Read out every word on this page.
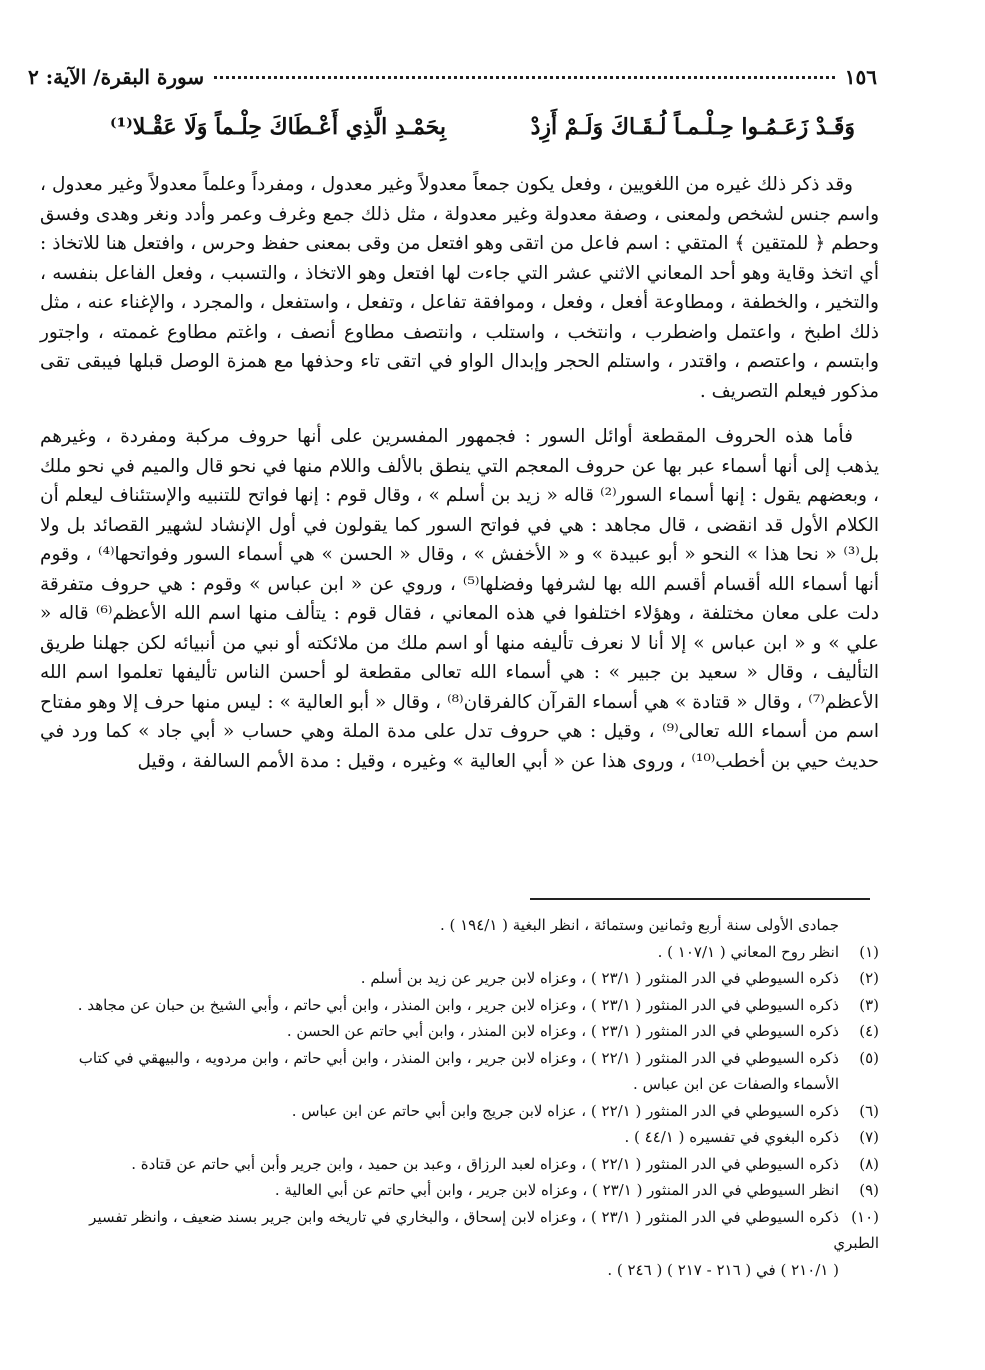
١٥٦
سورة البقرة/ الآية: ٢
وَقَـدْ زَعَـمُـوا حِـلْـمـاً لُـقَـاكَ وَلَـمْ أَزِدْ
بِحَمْـدِ الَّذِي أَعْـطَاكَ حِلْـماً وَلَا عَقْـلا⁽¹⁾

وقد ذكر ذلك غيره من اللغويين ، وفعل يكون جمعاً معدولاً وغير معدول ، ومفرداً وعلماً معدولاً وغير معدول ، واسم جنس لشخص ولمعنى ، وصفة معدولة وغير معدولة ، مثل ذلك جمع وغرف وعمر وأدد ونغر وهدى وفسق وحطم ﴿ للمتقين ﴾ المتقي : اسم فاعل من اتقى وهو افتعل من وقى بمعنى حفظ وحرس ، وافتعل هنا للاتخاذ : أي اتخذ وقاية وهو أحد المعاني الاثني عشر التي جاءت لها افتعل وهو الاتخاذ ، والتسبب ، وفعل الفاعل بنفسه ، والتخير ، والخطفة ، ومطاوعة أفعل ، وفعل ، وموافقة تفاعل ، وتفعل ، واستفعل ، والمجرد ، والإغناء عنه ، مثل ذلك اطبخ ، واعتمل واضطرب ، وانتخب ، واستلب ، وانتصف مطاوع أنصف ، واغتم مطاوع غممته ، واجتور وابتسم ، واعتصم ، واقتدر ، واستلم الحجر وإبدال الواو في اتقى تاء وحذفها مع همزة الوصل قبلها فيبقى تقى مذكور فيعلم التصريف .

فأما هذه الحروف المقطعة أوائل السور : فجمهور المفسرين على أنها حروف مركبة ومفردة ، وغيرهم يذهب إلى أنها أسماء عبر بها عن حروف المعجم التي ينطق بالألف واللام منها في نحو قال والميم في نحو ملك ، وبعضهم يقول : إنها أسماء السور⁽²⁾ قاله « زيد بن أسلم » ، وقال قوم : إنها فواتح للتنبيه والإستئناف ليعلم أن الكلام الأول قد انقضى ، قال مجاهد : هي في فواتح السور كما يقولون في أول الإنشاد لشهير القصائد بل ولا بل⁽³⁾ « نحا هذا » النحو « أبو عبيدة » و « الأخفش » ، وقال « الحسن » هي أسماء السور وفواتحها⁽⁴⁾ ، وقوم أنها أسماء الله أقسام أقسم الله بها لشرفها وفضلها⁽⁵⁾ ، وروي عن « ابن عباس » وقوم : هي حروف متفرقة دلت على معان مختلفة ، وهؤلاء اختلفوا في هذه المعاني ، فقال قوم : يتألف منها اسم الله الأعظم⁽⁶⁾ قاله « علي » و « ابن عباس » إلا أنا لا نعرف تأليفه منها أو اسم ملك من ملائكته أو نبي من أنبيائه لكن جهلنا طريق التأليف ، وقال « سعيد بن جبير » : هي أسماء الله تعالى مقطعة لو أحسن الناس تأليفها تعلموا اسم الله الأعظم⁽⁷⁾ ، وقال « قتادة » هي أسماء القرآن كالفرقان⁽⁸⁾ ، وقال « أبو العالية » : ليس منها حرف إلا وهو مفتاح اسم من أسماء الله تعالى⁽⁹⁾ ، وقيل : هي حروف تدل على مدة الملة وهي حساب « أبي جاد » كما ورد في حديث حيي بن أخطب⁽¹⁰⁾ ، وروى هذا عن « أبي العالية » وغيره ، وقيل : مدة الأمم السالفة ، وقيل

جمادى الأولى سنة أربع وثمانين وستمائة ، انظر البغية ( ١٩٤/١ ) .
(١)انظر روح المعاني ( ١٠٧/١ ) .
(٢)ذكره السيوطي في الدر المنثور ( ٢٣/١ ) ، وعزاه لابن جرير عن زيد بن أسلم .
(٣)ذكره السيوطي في الدر المنثور ( ٢٣/١ ) ، وعزاه لابن جرير ، وابن المنذر ، وابن أبي حاتم ، وأبي الشيخ بن حبان عن مجاهد .
(٤)ذكره السيوطي في الدر المنثور ( ٢٣/١ ) ، وعزاه لابن المنذر ، وابن أبي حاتم عن الحسن .
(٥)ذكره السيوطي في الدر المنثور ( ٢٢/١ ) ، وعزاه لابن جرير ، وابن المنذر ، وابن أبي حاتم ، وابن مردويه ، والبيهقي في كتاب
الأسماء والصفات عن ابن عباس .
(٦)ذكره السيوطي في الدر المنثور ( ٢٢/١ ) ، عزاه لابن جريج وابن أبي حاتم عن ابن عباس .
(٧)ذكره البغوي في تفسيره ( ٤٤/١ ) .
(٨)ذكره السيوطي في الدر المنثور ( ٢٢/١ ) ، وعزاه لعبد الرزاق ، وعبد بن حميد ، وابن جرير وأبن أبي حاتم عن قتادة .
(٩)انظر السيوطي في الدر المنثور ( ٢٣/١ ) ، وعزاه لابن جرير ، وابن أبي حاتم عن أبي العالية .
(١٠)ذكره السيوطي في الدر المنثور ( ٢٣/١ ) ، وعزاه لابن إسحاق ، والبخاري في تاريخه وابن جرير بسند ضعيف ، وانظر تفسير الطبري
( ٢١٠/١ ) في ( ٢١٦ - ٢١٧ ) ( ٢٤٦ ) .
